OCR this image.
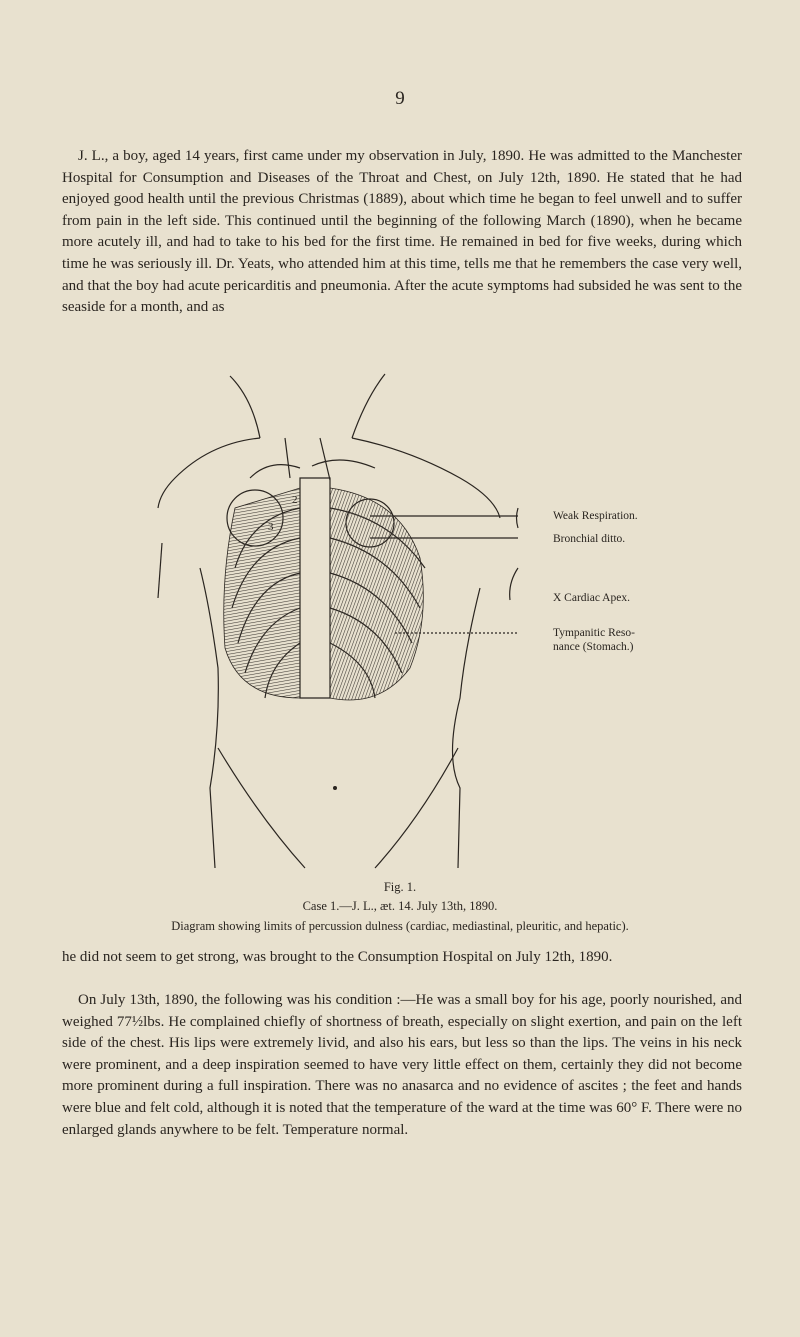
9

J. L., a boy, aged 14 years, first came under my observation in July, 1890. He was admitted to the Manchester Hospital for Consumption and Diseases of the Throat and Chest, on July 12th, 1890. He stated that he had enjoyed good health until the previous Christmas (1889), about which time he began to feel unwell and to suffer from pain in the left side. This continued until the beginning of the following March (1890), when he became more acutely ill, and had to take to his bed for the first time. He remained in bed for five weeks, during which time he was seriously ill. Dr. Yeats, who attended him at this time, tells me that he remembers the case very well, and that the boy had acute pericarditis and pneumonia. After the acute symptoms had subsided he was sent to the seaside for a month, and as

2
3
Weak Respiration.
Bronchial ditto.
X Cardiac Apex.
Tympanitic Reso-
nance (Stomach.)
Fig. 1.
Case 1.—J. L., æt. 14. July 13th, 1890.
Diagram showing limits of percussion dulness (cardiac, mediastinal, pleuritic, and hepatic).

he did not seem to get strong, was brought to the Consumption Hospital on July 12th, 1890.

On July 13th, 1890, the following was his condition :—He was a small boy for his age, poorly nourished, and weighed 77½lbs. He complained chiefly of shortness of breath, especially on slight exertion, and pain on the left side of the chest. His lips were extremely livid, and also his ears, but less so than the lips. The veins in his neck were prominent, and a deep inspiration seemed to have very little effect on them, certainly they did not become more prominent during a full inspiration. There was no anasarca and no evidence of ascites ; the feet and hands were blue and felt cold, although it is noted that the temperature of the ward at the time was 60° F. There were no enlarged glands anywhere to be felt. Temperature normal.
